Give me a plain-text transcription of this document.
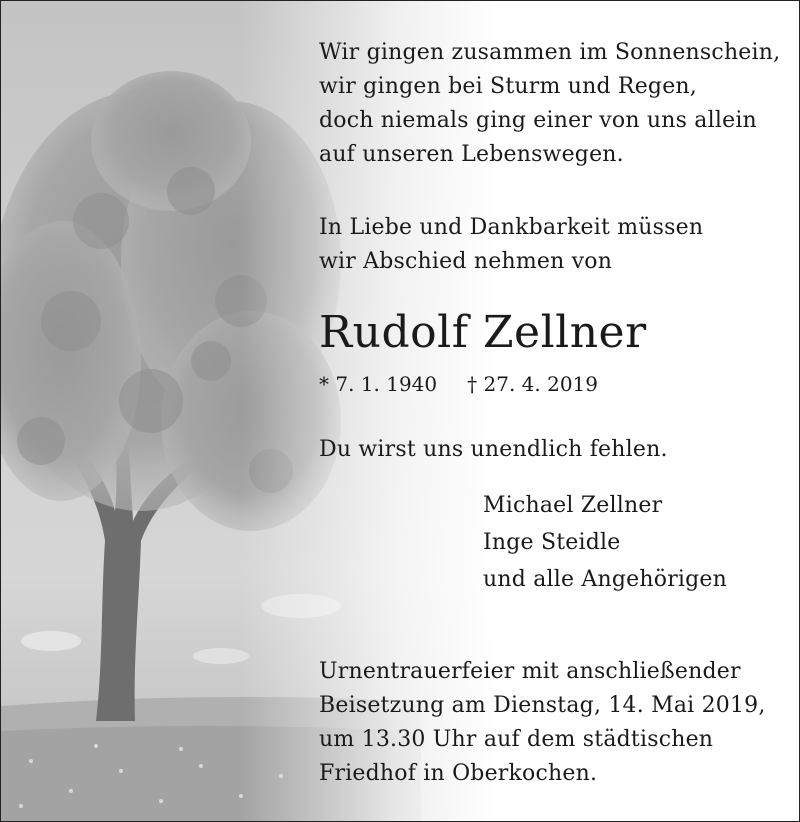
Wir gingen zusammen im Sonnenschein,
wir gingen bei Sturm und Regen,
doch niemals ging einer von uns allein
auf unseren Lebenswegen.
In Liebe und Dankbarkeit müssen
wir Abschied nehmen von
Rudolf Zellner
* 7. 1. 1940 † 27. 4. 2019
Du wirst uns unendlich fehlen.
Michael Zellner
Inge Steidle
und alle Angehörigen
Urnentrauerfeier mit anschließender
Beisetzung am Dienstag, 14. Mai 2019,
um 13.30 Uhr auf dem städtischen
Friedhof in Oberkochen.
